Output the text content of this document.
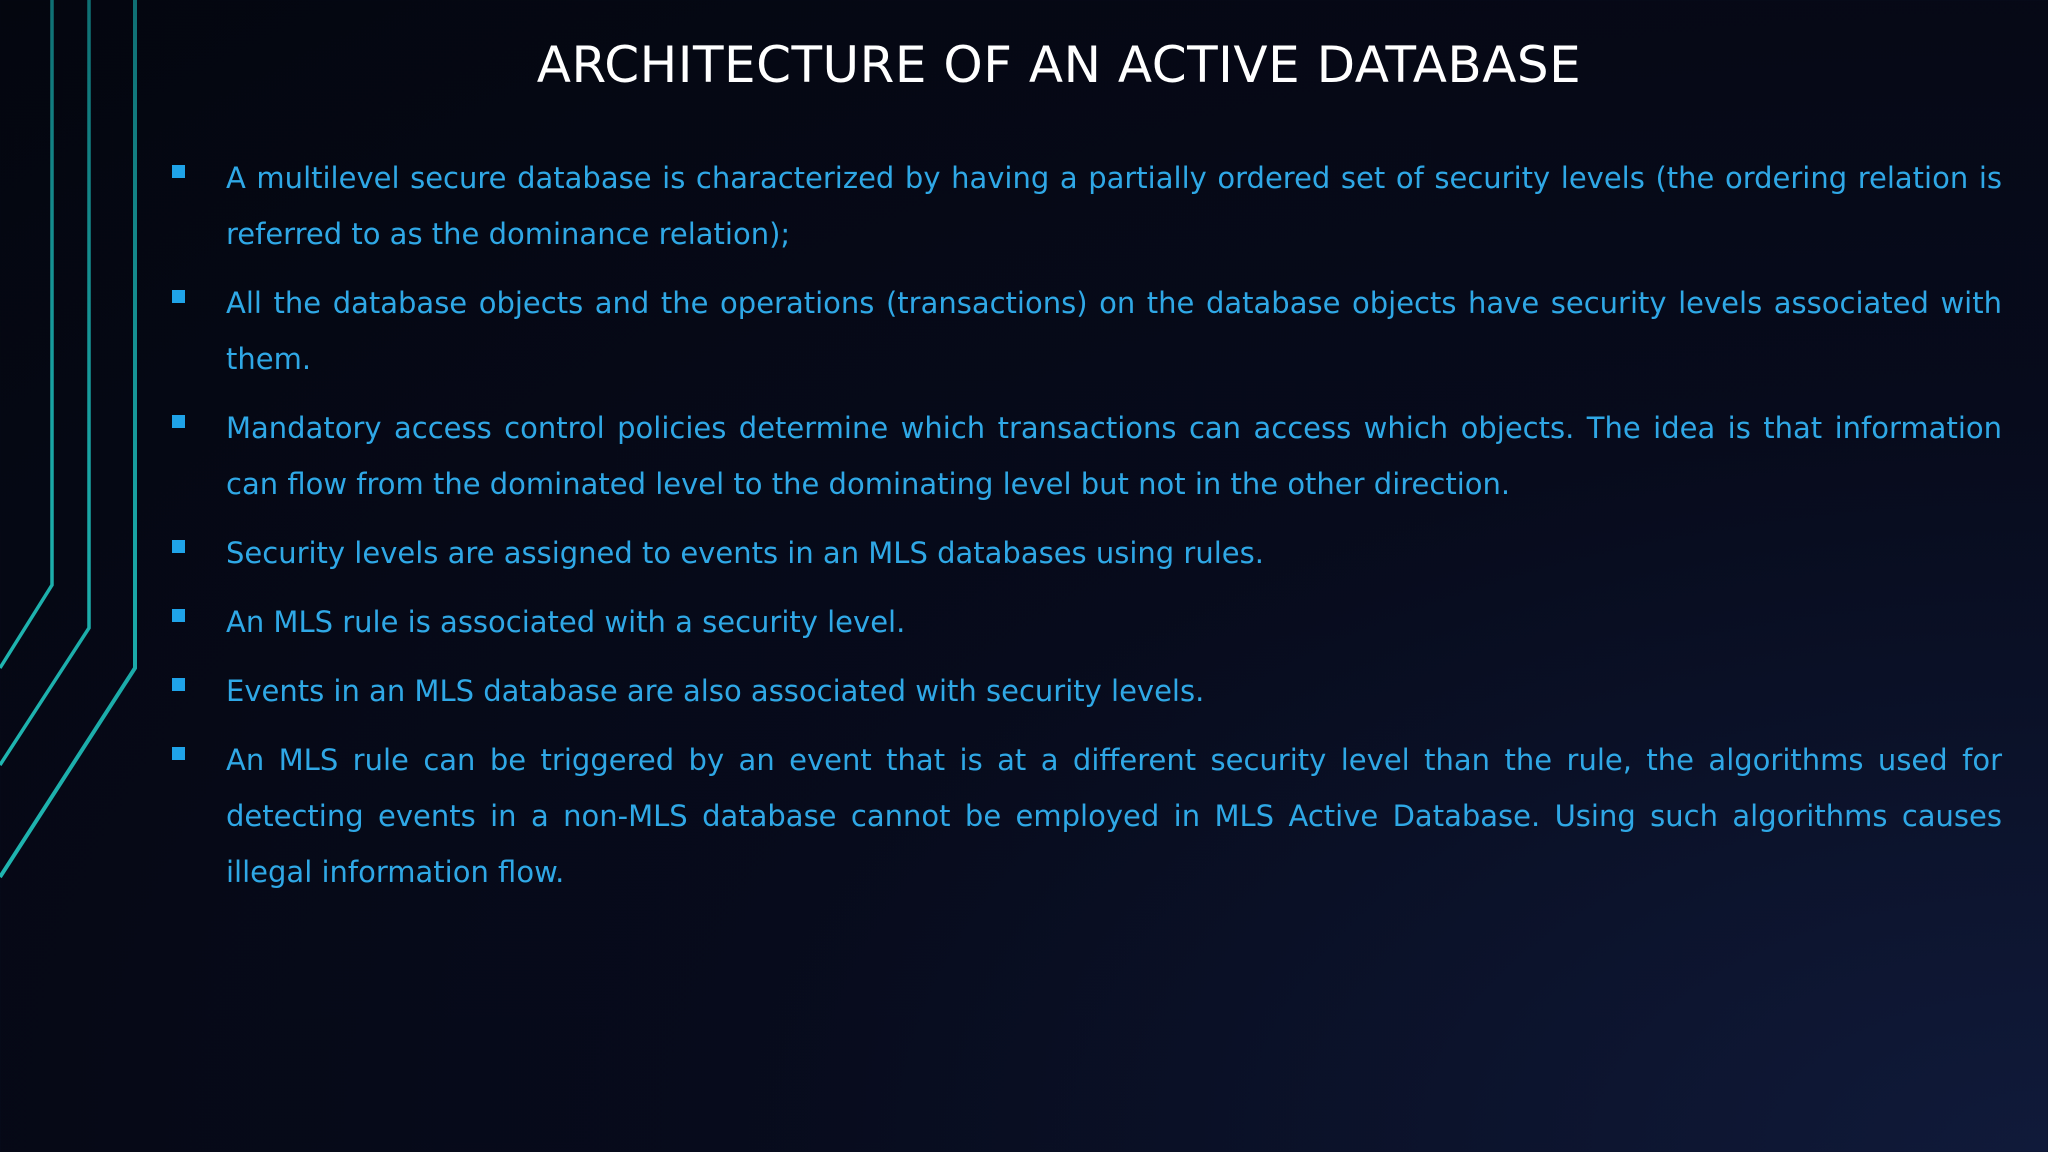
ARCHITECTURE OF AN ACTIVE DATABASE
A multilevel secure database is characterized by having a partially ordered set of security levels (the ordering relation is referred to as the dominance relation);
All the database objects and the operations (transactions) on the database objects have security levels associated with them.
Mandatory access control policies determine which transactions can access which objects. The idea is that information can flow from the dominated level to the dominating level but not in the other direction.
Security levels are assigned to events in an MLS databases using rules.
An MLS rule is associated with a security level.
Events in an MLS database are also associated with security levels.
An MLS rule can be triggered by an event that is at a different security level than the rule, the algorithms used for detecting events in a non-MLS database cannot be employed in MLS Active Database. Using such algorithms causes illegal information flow.
